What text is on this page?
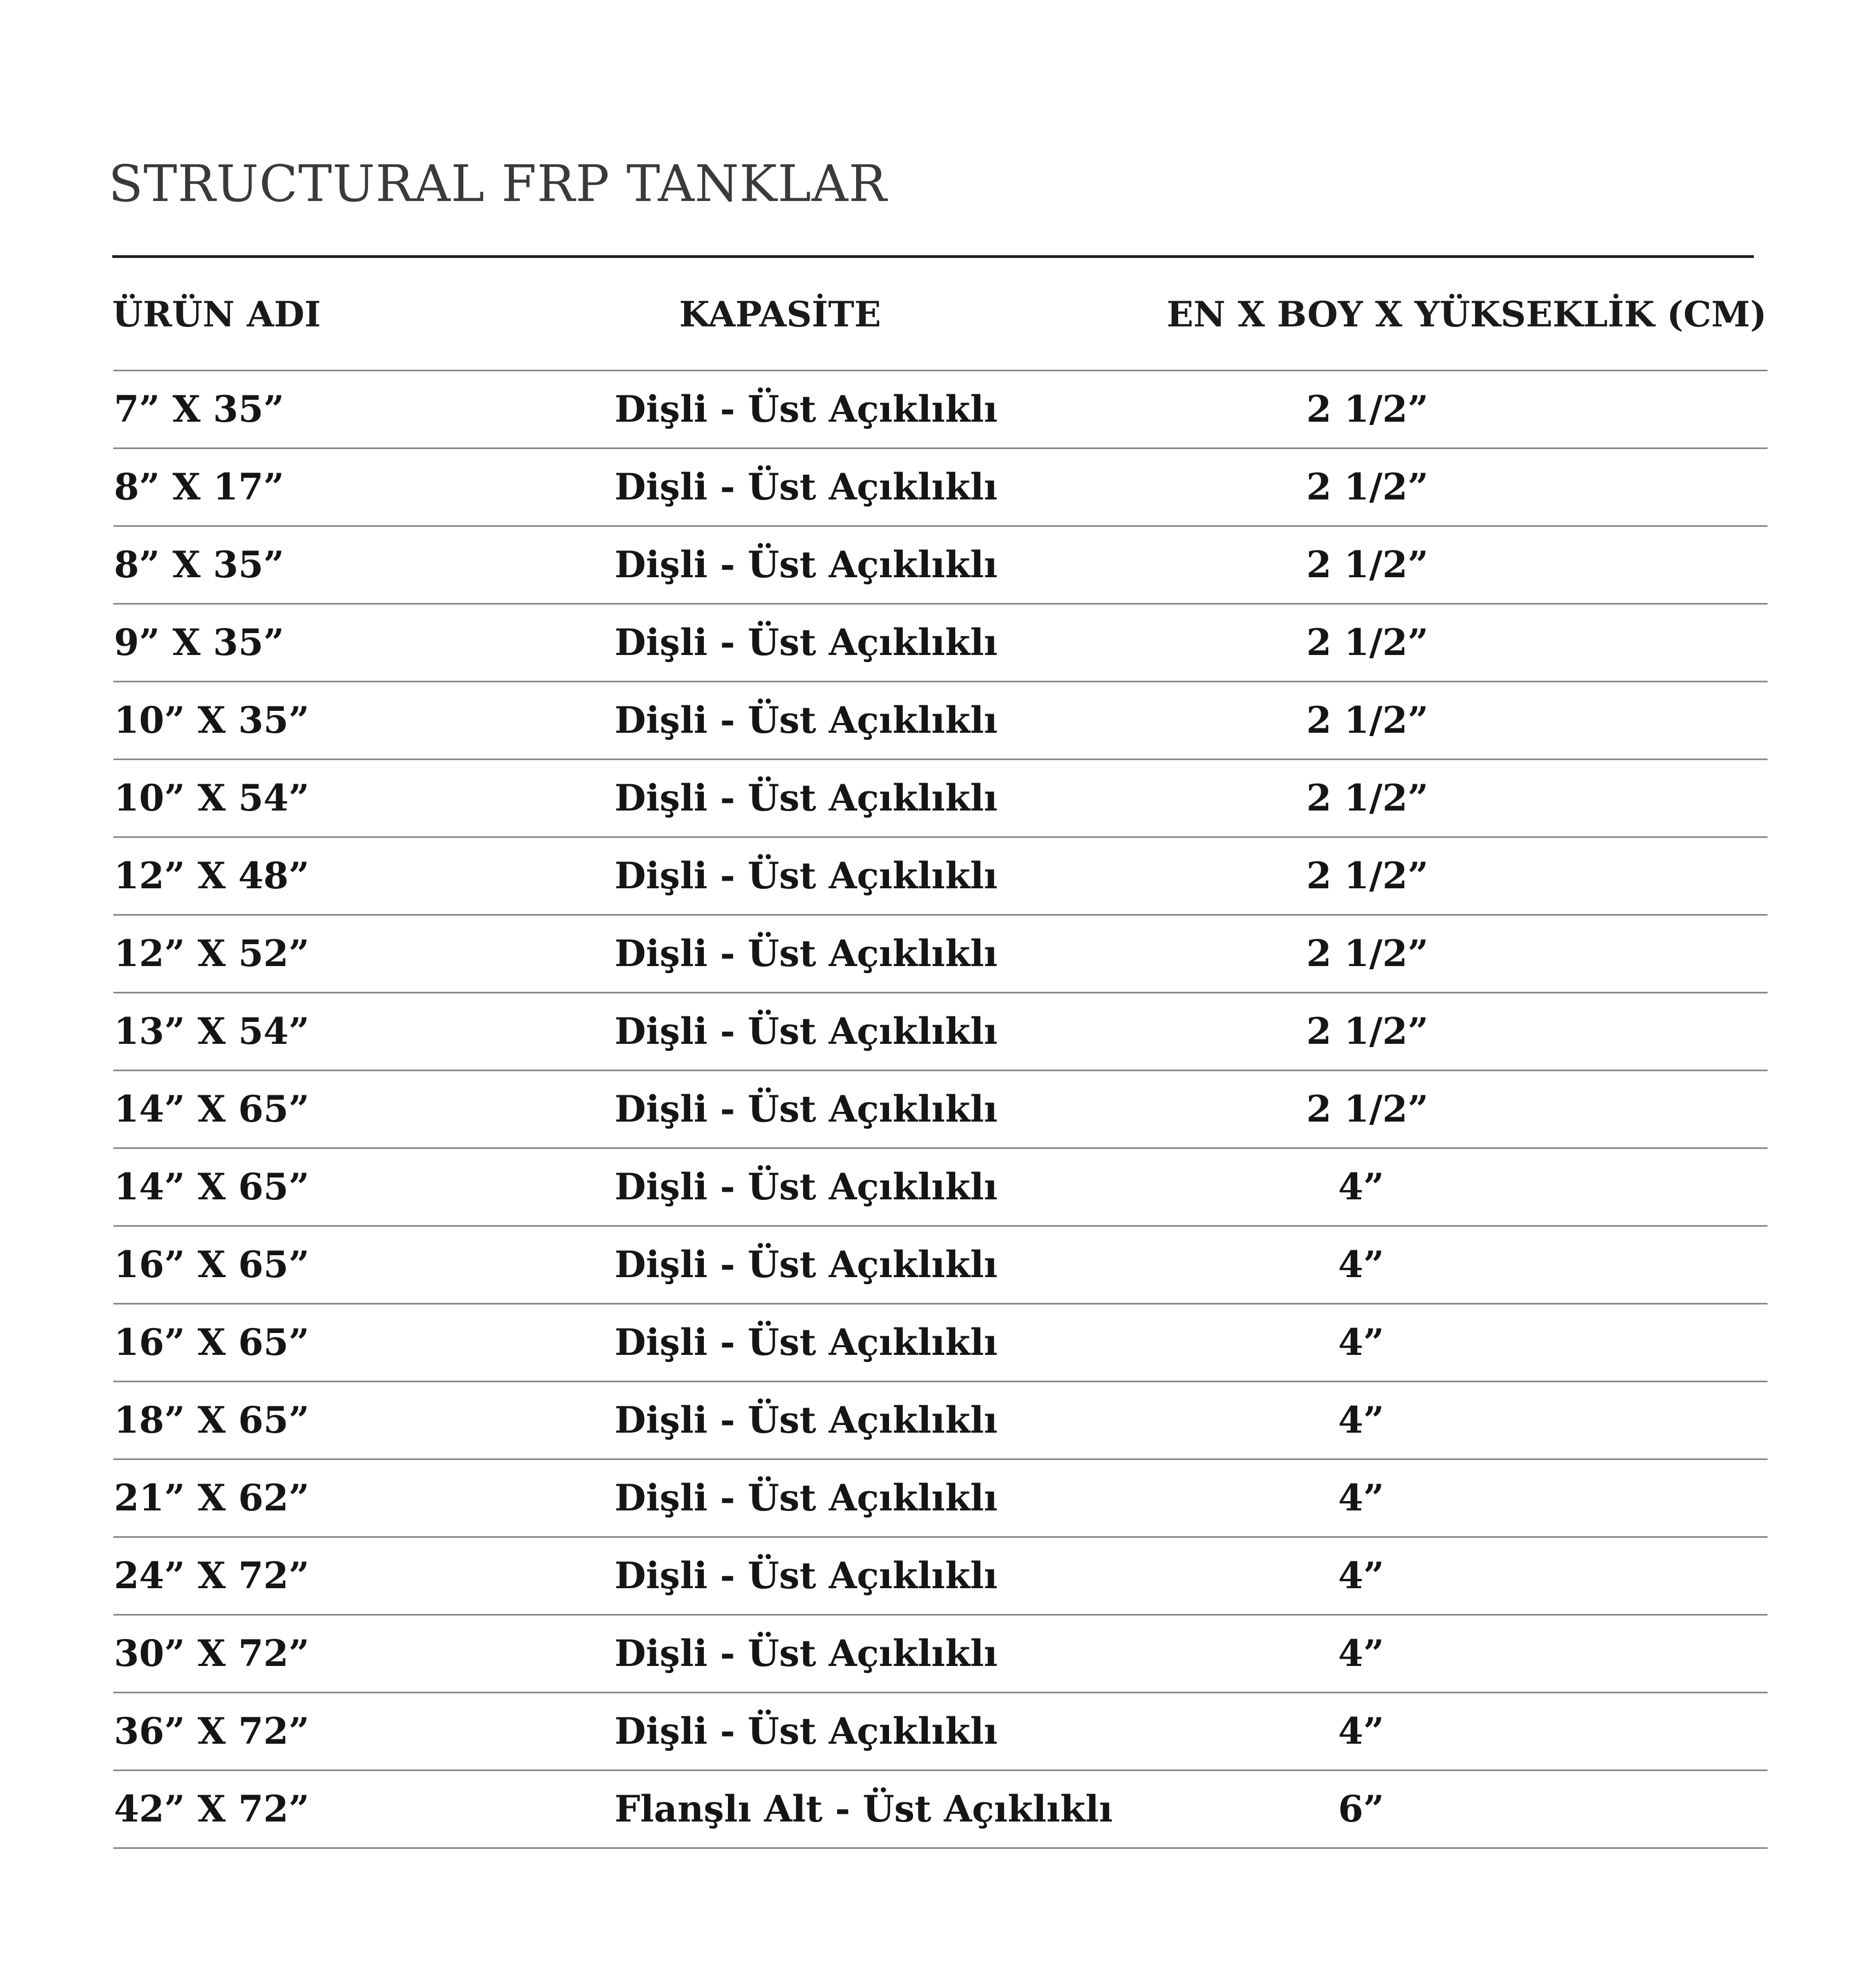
STRUCTURAL FRP TANKLAR
ÜRÜN ADI	KAPASİTE	EN X BOY X YÜKSEKLİK (CM)
7” X 35”	Dişli - Üst Açıklıklı	2 1/2”
8” X 17”	Dişli - Üst Açıklıklı	2 1/2”
8” X 35”	Dişli - Üst Açıklıklı	2 1/2”
9” X 35”	Dişli - Üst Açıklıklı	2 1/2”
10” X 35”	Dişli - Üst Açıklıklı	2 1/2”
10” X 54”	Dişli - Üst Açıklıklı	2 1/2”
12” X 48”	Dişli - Üst Açıklıklı	2 1/2”
12” X 52”	Dişli - Üst Açıklıklı	2 1/2”
13” X 54”	Dişli - Üst Açıklıklı	2 1/2”
14” X 65”	Dişli - Üst Açıklıklı	2 1/2”
14” X 65”	Dişli - Üst Açıklıklı	4”
16” X 65”	Dişli - Üst Açıklıklı	4”
16” X 65”	Dişli - Üst Açıklıklı	4”
18” X 65”	Dişli - Üst Açıklıklı	4”
21” X 62”	Dişli - Üst Açıklıklı	4”
24” X 72”	Dişli - Üst Açıklıklı	4”
30” X 72”	Dişli - Üst Açıklıklı	4”
36” X 72”	Dişli - Üst Açıklıklı	4”
42” X 72”	Flanşlı Alt - Üst Açıklıklı	6”
